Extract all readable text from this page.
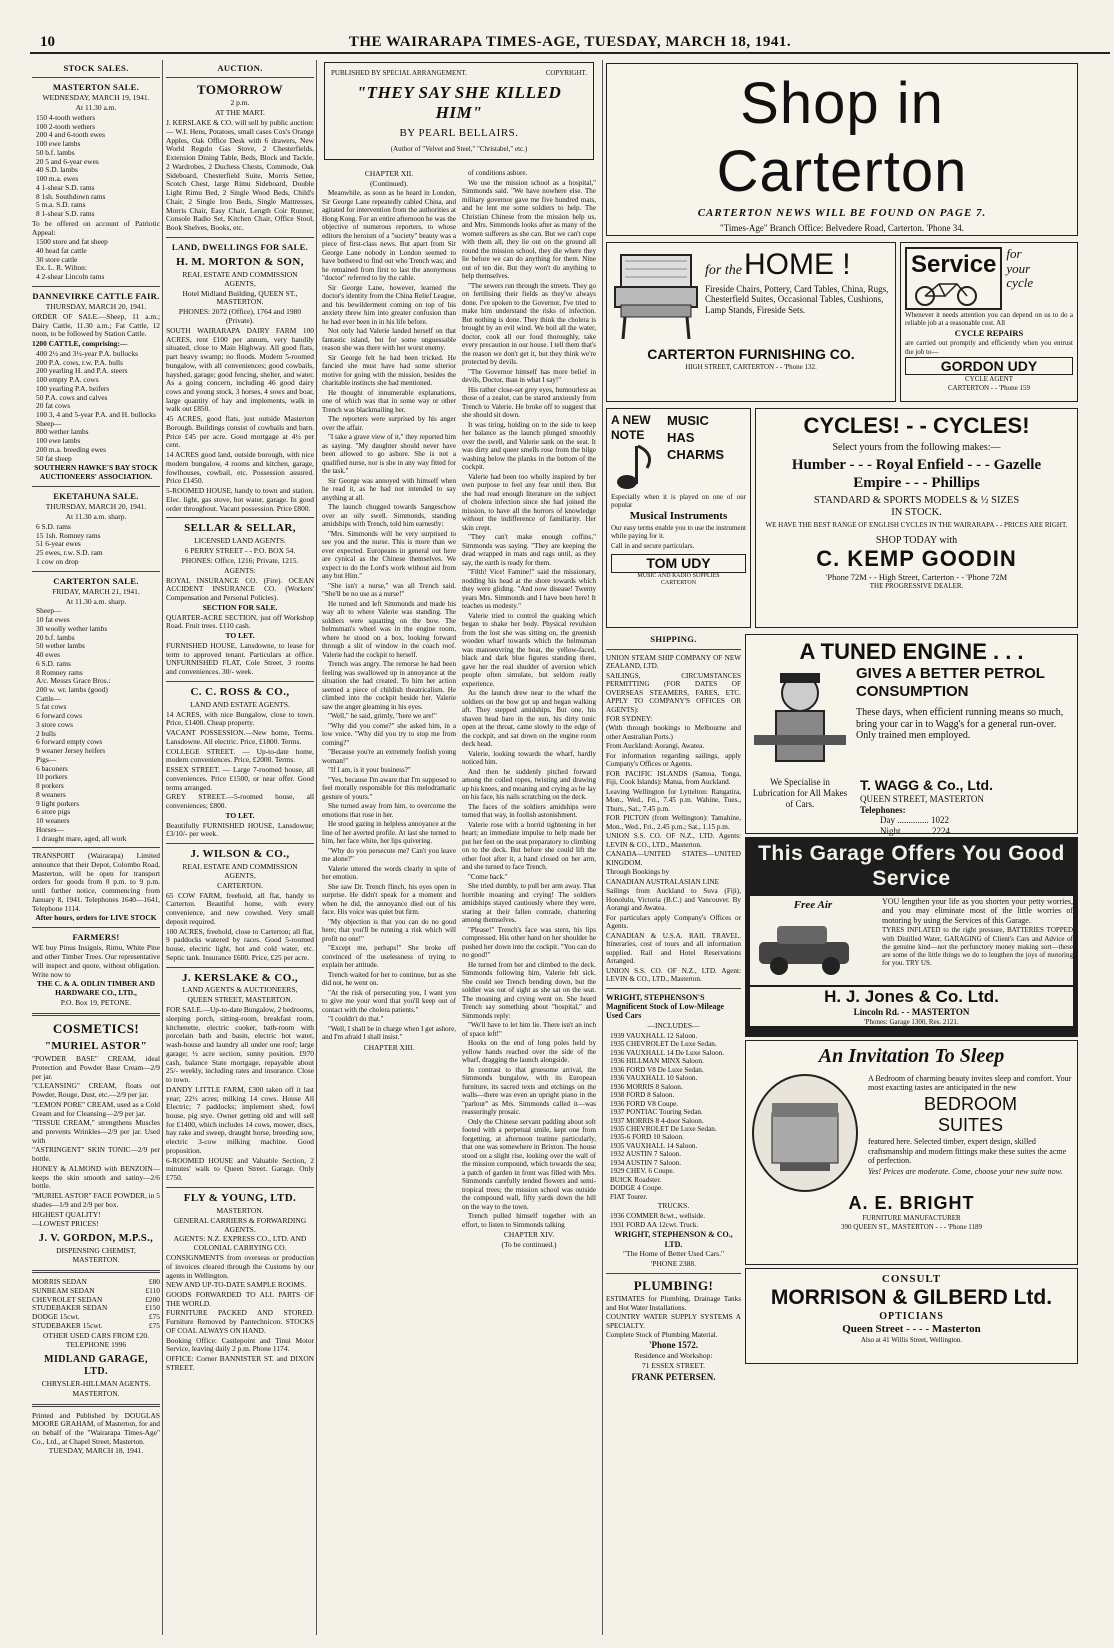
10	THE WAIRARAPA TIMES-AGE, TUESDAY, MARCH 18, 1941.
STOCK SALES.
MASTERTON SALE.
WEDNESDAY, MARCH 19, 1941.
At 11.30 a.m.
150 4-tooth wethers
100 2-tooth wethers
200 4 and 6-tooth ewes
100 ewe lambs
50 b.f. lambs
20 5 and 6-year ewes
40 S.D. lambs
100 m.a. ewes
4 1-shear S.D. rams
8 1sh. Southdown rams
5 m.a. S.D. rams
8 1-shear S.D. rams

To be offered on account of Patriotic Appeal:

1500 store and fat sheep
40 head fat cattle
30 store cattle
Ex. L. R. Wilton:
4 2-shear Lincoln rams
DANNEVIRKE CATTLE FAIR.
THURSDAY, MARCH 20, 1941.

ORDER OF SALE.—Sheep, 11 a.m.; Dairy Cattle, 11.30 a.m.; Fat Cattle, 12 noon, to be followed by Station Cattle.

1200 CATTLE, comprising:—

400 2½ and 3½-year P.A. bullocks
200 P.A. cows, r.w. P.A. bulls
200 yearling H. and P.A. steers
100 empty P.A. cows
100 yearling P.A. heifers
50 P.A. cows and calves
20 fat cows
100 3, 4 and 5-year P.A. and H. bullocks
Sheep—
800 wether lambs
100 ewe lambs
200 m.a. breeding ewes
50 fat sheep
SOUTHERN HAWKE'S BAY STOCK AUCTIONEERS' ASSOCIATION.
EKETAHUNA SALE.
THURSDAY, MARCH 20, 1941.
At 11.30 a.m. sharp.
6 S.D. rams
15 1sh. Romney rams
51 6-year ewes
25 ewes, r.w. S.D. ram
1 cow on drop
CARTERTON SALE.
FRIDAY, MARCH 21, 1941.
At 11.30 a.m. sharp.
Sheep—
10 fat ewes
30 woolly wether lambs
20 b.f. lambs
50 wether lambs
40 ewes
6 S.D. rams
8 Romney rams
A/c. Messrs Grace Bros.:
200 w. wr. lambs (good)
Cattle—
5 fat cows
6 forward cows
3 store cows
2 bulls
6 forward empty cows
9 weaner Jersey heifers
Pigs—
6 baconers
10 porkers
8 porkers
8 weaners
9 light porkers
6 store pigs
10 weaners
Horses—
1 draught mare, aged, all work

TRANSPORT (Wairarapa) Limited announce that their Depot, Colombo Road, Masterton, will be open for transport orders for goods from 8 p.m. to 9 p.m. until further notice, commencing from January 8, 1941. Telephones 1640—1641, Telephone 1114.

After hours, orders for LIVE STOCK
FARMERS!

WE buy Pinus Insignis, Rimu, White Pine and other Timber Trees. Our representative will inspect and quote, without obligation. Write now to

THE C. & A. ODLIN TIMBER AND HARDWARE CO., LTD.,
P.O. Box 19, PETONE.
COSMETICS!
"MURIEL ASTOR"

"POWDER BASE" CREAM, ideal Protection and Powder Base Cream—2/9 per jar.

"CLEANSING" CREAM, floats out Powder, Rouge, Dust, etc.—2/9 per jar.

"LEMON PORE" CREAM, used as a Cold Cream and for Cleansing—2/9 per jar.

"TISSUE CREAM," strengthens Muscles and prevents Wrinkles—2/9 per jar. Used with

"ASTRINGENT" SKIN TONIC—2/9 per bottle.

HONEY & ALMOND with BENZOIN—keeps the skin smooth and satiny—2/6 bottle.

"MURIEL ASTOR" FACE POWDER, in 5 shades—1/9 and 2/9 per box.

HIGHEST QUALITY!

—LOWEST PRICES!

J. V. GORDON, M.P.S.,
DISPENSING CHEMIST, MASTERTON.
MORRIS SEDAN	£80
SUNBEAM SEDAN	£110
CHEVROLET SEDAN	£200
STUDEBAKER SEDAN	£150
DODGE 15cwt.	£75
STUDEBAKER 15cwt.	£75
OTHER USED CARS FROM £20.
TELEPHONE 1996
MIDLAND GARAGE, LTD.
CHRYSLER-HILLMAN AGENTS.
MASTERTON.

Printed and Published by DOUGLAS MOORE GRAHAM, of Masterton, for and on behalf of the "Wairarapa Times-Age" Co., Ltd., at Chapel Street, Masterton.

TUESDAY, MARCH 18, 1941.
AUCTION.
TOMORROW
2 p.m.
AT THE MART.

J. KERSLAKE & CO. will sell by public auction:— W.I. Hens, Potatoes, small cases Cox's Orange Apples, Oak Office Desk with 6 drawers, New World Regulo Gas Stove, 2 Chesterfields, Extension Dining Table, Beds, Block and Tackle, 2 Wardrobes, 2 Duchess Chests, Commode, Oak Sideboard, Chesterfield Suite, Morris Settee, Scotch Chest, large Rimu Sideboard, Double Light Rimu Bed, 2 Single Wood Beds, Child's Chair, 2 Single Iron Beds, Single Mattresses, Morris Chair, Easy Chair, Length Coir Runner, Console Radio Set, Kitchen Chair, Office Stool, Book Shelves, Books, etc.

LAND, DWELLINGS FOR SALE.
H. M. MORTON & SON,
REAL ESTATE AND COMMISSION AGENTS,
Hotel Midland Building, QUEEN ST., MASTERTON.
PHONES: 2072 (Office), 1764 and 1980 (Private).

SOUTH WAIRARAPA DAIRY FARM 100 ACRES, rent £100 per annum, very handily situated, close to Main Highway. All good flats, part heavy swamp; no floods. Modern 5-roomed bungalow, with all conveniences; good cowbails, hayshed, garage; good fencing, shelter, and water. As a going concern, including 46 good dairy cows and young stock, 3 horses, 4 sows and boar, large quantity of hay and implements, walk in walk out £850.

45 ACRES, good flats, just outside Masterton Borough. Buildings consist of cowbails and barn. Price £45 per acre. Good mortgage at 4½ per cent.

14 ACRES good land, outside borough, with nice modern bungalow, 4 rooms and kitchen, garage, fowlhouses, cowbail, etc. Possession assured. Price £1450.

5-ROOMED HOUSE, handy to town and station. Elec. light, gas stove, hot water, garage. In good order throughout. Vacant possession. Price £800.

SELLAR & SELLAR,
LICENSED LAND AGENTS.
6 PERRY STREET - - P.O. BOX 54.
PHONES: Office, 1216; Private, 1215.
AGENTS:

ROYAL INSURANCE CO. (Fire). OCEAN ACCIDENT INSURANCE CO. (Workers' Compensation and Personal Policies).

SECTION FOR SALE.

QUARTER-ACRE SECTION, just off Workshop Road. Fruit trees. £110 cash.

TO LET.

FURNISHED HOUSE, Lansdowne, to lease for term to approved tenant. Particulars at office. UNFURNISHED FLAT, Cole Street, 3 rooms and conveniences. 30/- week.

C. C. ROSS & CO.,
LAND AND ESTATE AGENTS.

14 ACRES, with nice Bungalow, close to town. Price, £1400. Cheap property.

VACANT POSSESSION.—New home, Terms. Lansdowne. All electric. Price, £1800. Terms.

COLLEGE STREET. — Up-to-date home, modern conveniences. Price, £2000. Terms.

ESSEX STREET. — Large 7-roomed house, all conveniences. Price £1500, or near offer. Good terms arranged.

GREY STREET.—5-roomed house, all conveniences; £800.

TO LET.

Beautifully FURNISHED HOUSE, Lansdowne; £3/10/- per week.

J. WILSON & CO.,
REAL ESTATE AND COMMISSION AGENTS,
CARTERTON.

65 COW FARM, freehold, all flat, handy to Carterton. Beautiful home, with every convenience, and new cowshed. Very small deposit required.

100 ACRES, freehold, close to Carterton; all flat, 9 paddocks watered by races. Good 5-roomed house, electric light, hot and cold water, etc. Septic tank. Insurance £600. Price, £25 per acre.

J. KERSLAKE & CO.,
LAND AGENTS & AUCTIONEERS,
QUEEN STREET, MASTERTON.

FOR SALE.—Up-to-date Bungalow, 2 bedrooms, sleeping porch, sitting-room, breakfast room, kitchenette, electric cooker, bath-room with porcelain bath and basin, electric hot water, wash-house and laundry all under one roof; large garage; ½ acre section, sunny position. £970 cash, balance State mortgage, repayable about 25/- weekly, including rates and insurance. Close to town.

DANDY LITTLE FARM, £300 taken off it last year; 22½ acres; milking 14 cows. House All Electric; 7 paddocks; implement shed, fowl house, pig stye. Owner getting old and will sell for £1400, which includes 14 cows, mower, discs, hay rake and sweep, draught horse, breeding sow, electric 3-cow milking machine. Good proposition.

6-ROOMED HOUSE and Valuable Section, 2 minutes' walk to Queen Street. Garage. Only £750.

FLY & YOUNG, LTD.
MASTERTON.
GENERAL CARRIERS & FORWARDING AGENTS.
AGENTS: N.Z. EXPRESS CO., LTD. AND COLONIAL CARRYING CO.

CONSIGNMENTS from overseas or production of invoices cleared through the Customs by our agents in Wellington.

NEW AND UP-TO-DATE SAMPLE ROOMS.

GOODS FORWARDED TO ALL PARTS OF THE WORLD.

FURNITURE PACKED AND STORED. Furniture Removed by Pantechnicon. STOCKS OF COAL ALWAYS ON HAND.

Booking Office: Castlepoint and Tinui Motor Service, leaving daily 2 p.m. Phone 1174.

OFFICE: Corner BANNISTER ST. and DIXON STREET.

PUBLISHED BY SPECIAL ARRANGEMENT.	COPYRIGHT.
"THEY SAY SHE KILLED HIM"
BY PEARL BELLAIRS.
(Author of "Velvet and Steel," "Christabel," etc.)
CHAPTER XII.
(Continued).

Meanwhile, as soon as he heard in London, Sir George Lane repeatedly cabled China, and agitated for intervention from the authorities at Hong Kong. For an entire afternoon he was the objective of numerous reporters, to whose editors the heroism of a "society" beauty was a piece of first-class news. But apart from Sir George Lane nobody in London seemed to have bothered to find out who Trench was; and he remained from first to last the anonymous "doctor" referred to by the cable.

Sir George Lane, however, learned the doctor's identity from the China Relief League, and his bewilderment coming on top of his anxiety threw him into greater confusion than he had ever been in in his life before.

Not only had Valerie landed herself on that fantastic island, but for some unguessable reason she was there with her worst enemy.

Sir George felt he had been tricked. He fancied she must have had some ulterior motive for going with the mission, besides the charitable instincts she had mentioned.

He thought of innumerable explanations, one of which was that in some way or other Trench was blackmailing her.

The reporters were surprised by his anger over the affair.

"I take a grave view of it," they reported him as saying. "My daughter should never have been allowed to go ashore. She is not a qualified nurse, nor is she in any way fitted for the task."

Sir George was annoyed with himself when he read it, as he had not intended to say anything at all.

The launch chugged towards Sangeschow over an oily swell. Simmonds, standing amidships with Trench, told him earnestly:

"Mrs. Simmonds will be very surprised to see you and the nurse. This is more than we ever expected. Europeans in general out here are cynical as the Chinese themselves. We expect to do the Lord's work without aid from any but Him."

"She isn't a nurse," was all Trench said. "She'll be no use as a nurse!"

He turned and left Simmonds and made his way aft to where Valerie was standing. The soldiers were squatting on the bow. The helmsman's wheel was in the engine room, where he stood on a box, looking forward through a slit of window in the coach roof. Valerie had the cockpit to herself.

Trench was angry. The remorse he had been feeling was swallowed up in annoyance at the situation she had created. To him her action seemed a piece of childish theatricalism. He climbed into the cockpit beside her. Valerie saw the anger gleaming in his eyes.

"Well," he said, grimly, "here we are!"

"Why did you come?" she asked him, in a low voice. "Why did you try to stop me from coming?"

"Because you're an extremely foolish young woman!"

"If I am, is it your business?"

"Yes, because I'm aware that I'm supposed to feel morally responsible for this melodramatic gesture of yours."

She turned away from him, to overcome the emotions that rose in her.

He stood gazing in helpless annoyance at the line of her averted profile. At last she turned to him, her face white, her lips quivering.

"Why do you persecute me? Can't you leave me alone?"

Valerie uttered the words clearly in spite of her emotion.

She saw Dr. Trench flinch, his eyes open in surprise. He didn't speak for a moment and when he did, the annoyance died out of his face. His voice was quiet but firm.

"My objection is that you can do no good here; that you'll be running a risk which will profit no one!"

"Except me, perhaps!" She broke off convinced of the uselessness of trying to explain her attitude.

Trench waited for her to continue, but as she did not, he went on.

"At the risk of persecuting you, I want you to give me your word that you'll keep out of contact with the cholera patients."

"I couldn't do that."

"Well, I shall be in charge when I get ashore, and I'm afraid I shall insist."

CHAPTER XIII.

of conditions ashore.

We use the mission school as a hospital," Simmonds said. "We have nowhere else. The military governor gave me five hundred mats, and he lent me some soldiers to help. The Christian Chinese from the mission help us, and Mrs. Simmonds looks after as many of the women sufferers as she can. But we can't cope with them all, they lie out on the ground all round the mission school, they die where they lie before we can do anything for them. Nine out of ten die. But they won't do anything to help themselves.

"The sewers run through the streets. They go on fertilising their fields as they've always done. I've spoken to the Governor, I've tried to make him understand the risks of infection. But nothing is done. They think the cholera is brought by an evil wind. We boil all the water, doctor, cook all our food thoroughly, take every precaution in our house. I tell them that's the reason we don't get it, but they think we're protected by devils.

"The Governor himself has more belief in devils, Doctor, than in what I say!"

His rather close-set grey eyes, humourless as those of a zealot, can be stared anxiously from Trench to Valerie. He broke off to suggest that she should sit down.

It was tiring, holding on to the side to keep her balance as the launch plunged smoothly over the swell, and Valerie sank on the seat. It was dirty and queer smells rose from the bilge washing below the planks in the bottom of the cockpit.

Valerie had been too wholly inspired by her own purpose to feel any fear until then. But she had read enough literature on the subject of cholera infection since she had joined the mission, to have all the horrors of knowledge without the indifference of familiarity. Her skin crept.

"They can't make enough coffins," Simmonds was saying. "They are keeping the dead wrapped in mats and rags until, as they say, the earth is ready for them.

"Filth! Vice! Famine!" said the missionary, nodding his head at the shore towards which they were gliding. "And now disease! Twenty years Mrs. Simmonds and I have been here! It teaches us modesty."

Valerie tried to control the quaking which began to shake her body. Physical revulsion from the lost she was sitting on, the greenish wooden wharf towards which the helmsman was manoeuvring the boat, the yellow-faced, black and dark blue figures standing there, gave her the real shudder of aversion which people often simulate, but seldom really experience.

As the launch drew near to the wharf the soldiers on the bow got up and began walking aft. They stepped amidships. But one, his shaven head bare in the sun, his dirty tunic open at the throat, came slowly to the edge of the cockpit, and sat down on the engine room deck head.

Valerie, looking towards the wharf, hardly noticed him.

And then he suddenly pitched forward among the coiled ropes, twisting and drawing up his knees, and moaning and crying as he lay on his face, his nails scratching on the deck.

The faces of the soldiers amidships were turned that way, in foolish astonishment.

Valerie rose with a horrid tightening in her heart; an immediate impulse to help made her put her feet on the seat preparatory to climbing on to the deck. But before she could lift the other foot after it, a hand closed on her arm, and she turned to face Trench.

"Come back."

She tried dumbly, to pull her arm away. That horrible moaning and crying! The soldiers amidships stayed cautiously where they were, staring at their fallen comrade, chattering among themselves.

"Please!" Trench's face was stern, his lips compressed. His other hand on her shoulder he pushed her down into the cockpit. "You can do no good!"

He turned from her and climbed to the deck. Simmonds following him, Valerie felt sick. She could see Trench bending down, but the soldier was out of sight as she sat on the seat. The moaning and crying went on. She heard Trench say something about "hospital," and Simmonds reply:

"We'll have to let him lie. There isn't an inch of space left!"

Hooks on the end of long poles held by yellow hands reached over the side of the wharf, dragging the launch alongside.

In contrast to that gruesome arrival, the Simmonds bungalow, with its European furniture, its sacred texts and etchings on the walls—there was even an upright piano in the "parlour" as Mrs. Simmonds called it—was reassuringly prosaic.

Only the Chinese servant padding about soft footed with a perpetual smile, kept one from forgetting, at afternoon teatime particularly, that one was somewhere in Brixton. The house stood on a slight rise, looking over the wall of the mission compound, which towards the sea; a patch of garden in front was filled with Mrs. Simmonds carefully tended flowers and semi-tropical trees; the mission school was outside the compound wall, fifty yards down the hill on the way to the town.

Trench pulled himself together with an effort, to listen to Simmonds talking

CHAPTER XIV.
(To be continued.)
Shop in Carterton
CARTERTON NEWS WILL BE FOUND ON PAGE 7.
"Times-Age" Branch Office: Belvedere Road, Carterton. 'Phone 34.
for the HOME !

Fireside Chairs, Pottery, Card Tables, China, Rugs, Chesterfield Suites, Occasional Tables, Cushions, Lamp Stands, Fireside Sets.

CARTERTON FURNISHING CO.
HIGH STREET, CARTERTON - - 'Phone 132.
Service for
your
cycle

Whenever it needs attention you can depend on us to do a reliable job at a reasonable cost. All

CYCLE REPAIRS

are carried out promptly and efficiently when you entrust the job to—

GORDON UDY
CYCLE AGENT
CARTERTON - - 'Phone 159
A NEW
NOTE
MUSIC
HAS
CHARMS

Especially when it is played on one of our popular

Musical Instruments

Our easy terms enable you to use the instrument while paying for it.

Call in and secure particulars.

TOM UDY
MUSIC AND RADIO SUPPLIES
CARTERTON
CYCLES! - - CYCLES!
Select yours from the following makes:—
Humber - - - Royal Enfield - - - Gazelle
Empire - - - Phillips
STANDARD & SPORTS MODELS & ½ SIZES
IN STOCK.
WE HAVE THE BEST RANGE OF ENGLISH CYCLES IN THE WAIRARAPA - - PRICES ARE RIGHT.
SHOP TODAY with
C. KEMP GOODIN
'Phone 72M - - High Street, Carterton - - 'Phone 72M
THE PROGRESSIVE DEALER.
SHIPPING.

UNION STEAM SHIP COMPANY OF NEW ZEALAND, LTD.

SAILINGS, CIRCUMSTANCES PERMITTING (FOR DATES OF OVERSEAS STEAMERS, FARES, ETC. APPLY TO COMPANY'S OFFICES OR AGENTS):

FOR SYDNEY:

(With through bookings to Melbourne and other Australian Ports.)

From Auckland: Aorangi, Awatea.

For information regarding sailings, apply Company's Offices or Agents.

FOR PACIFIC ISLANDS (Samoa, Tonga, Fiji, Cook Islands): Matua, from Auckland.

Leaving Wellington for Lyttelton: Rangatira, Mon., Wed., Fri., 7.45 p.m. Wahine, Tues., Thurs., Sat., 7.45 p.m.

FOR PICTON (from Wellington): Tamahine, Mon., Wed., Fri., 2.45 p.m.; Sat., 1.15 p.m.

UNION S.S. CO. OF N.Z., LTD. Agents: LEVIN & CO., LTD., Masterton.

CANADA—UNITED STATES—UNITED KINGDOM.

Through Bookings by

CANADIAN AUSTRALASIAN LINE

Sailings from Auckland to Suva (Fiji), Honolulu, Victoria (B.C.) and Vancouver. By Aorangi and Awatea.

For particulars apply Company's Offices or Agents.

CANADIAN & U.S.A. RAIL TRAVEL. Itineraries, cost of tours and all information supplied. Rail and Hotel Reservations Arranged.

UNION S.S. CO. OF N.Z., LTD. Agent: LEVIN & CO., LTD., Masterton.

WRIGHT, STEPHENSON'S Magnificent Stock of Low-Mileage Used Cars

—INCLUDES—
1939 VAUXHALL 12 Saloon.
1935 CHEVROLET De Luxe Sedan.
1936 VAUXHALL 14 De Luxe Saloon.
1936 HILLMAN MINX Saloon.
1936 FORD V8 De Luxe Sedan.
1936 VAUXHALL 10 Saloon.
1936 MORRIS 8 Saloon.
1938 FORD 8 Saloon.
1936 FORD V8 Coupe.
1937 PONTIAC Touring Sedan.
1937 MORRIS 8 4-door Saloon.
1935 CHEVROLET De Luxe Sedan.
1935-6 FORD 10 Saloon.
1935 VAUXHALL 14 Saloon.
1932 AUSTIN 7 Saloon.
1934 AUSTIN 7 Saloon.
1929 CHEV. 6 Coupe.
BUICK Roadster.
DODGE 4 Coupe.
FIAT Tourer.
TRUCKS.
1936 COMMER 8cwt., wellside.
1931 FORD AA 12cwt. Truck.
WRIGHT, STEPHENSON & CO., LTD.
"The Home of Better Used Cars."
'PHONE 2388.
PLUMBING!

ESTIMATES for Plumbing, Drainage Tanks and Hot Water Installations.

COUNTRY WATER SUPPLY SYSTEMS A SPECIALTY.

Complete Stock of Plumbing Material.

'Phone 1572.
Residence and Workshop:
71 ESSEX STREET.
FRANK PETERSEN.
A TUNED ENGINE . . .
GIVES A BETTER PETROL CONSUMPTION

These days, when efficient running means so much, bring your car in to Wagg's for a general run-over. Only trained men employed.

We Specialise in Lubrication for All Makes of Cars.
T. WAGG & Co., Ltd.
QUEEN STREET, MASTERTON
Telephones:
Day .............. 1022
Night ............ 2224
This Garage Offers You Good Service
Free Air	YOU lengthen your life as you shorten your petty worries, and you may eliminate most of the little worries of motoring by using the Services of this Garage.

TYRES INFLATED to the right pressure, BATTERIES TOPPED with Distilled Water, GARAGING of Client's Cars and Advice of the genuine kind—not the perfunctory money making sort—these are some of the little things we do to lengthen the joys of motoring for you. TRY US.

H. J. Jones & Co. Ltd.
Lincoln Rd. - - MASTERTON
'Phones: Garage 1300, Res. 2121.
An Invitation To Sleep

A Bedroom of charming beauty invites sleep and comfort. Your most exacting tastes are anticipated in the new

BEDROOM
SUITES

featured here. Selected timber, expert design, skilled craftsmanship and modern fittings make these suites the acme of perfection.

Yes! Prices are moderate. Come, choose your new suite now.

A. E. BRIGHT
FURNITURE MANUFACTURER
390 QUEEN ST., MASTERTON - - - 'Phone 1189
CONSULT
MORRISON & GILBERD Ltd.
OPTICIANS
Queen Street - - - - Masterton
Also at 41 Willis Street, Wellington.
